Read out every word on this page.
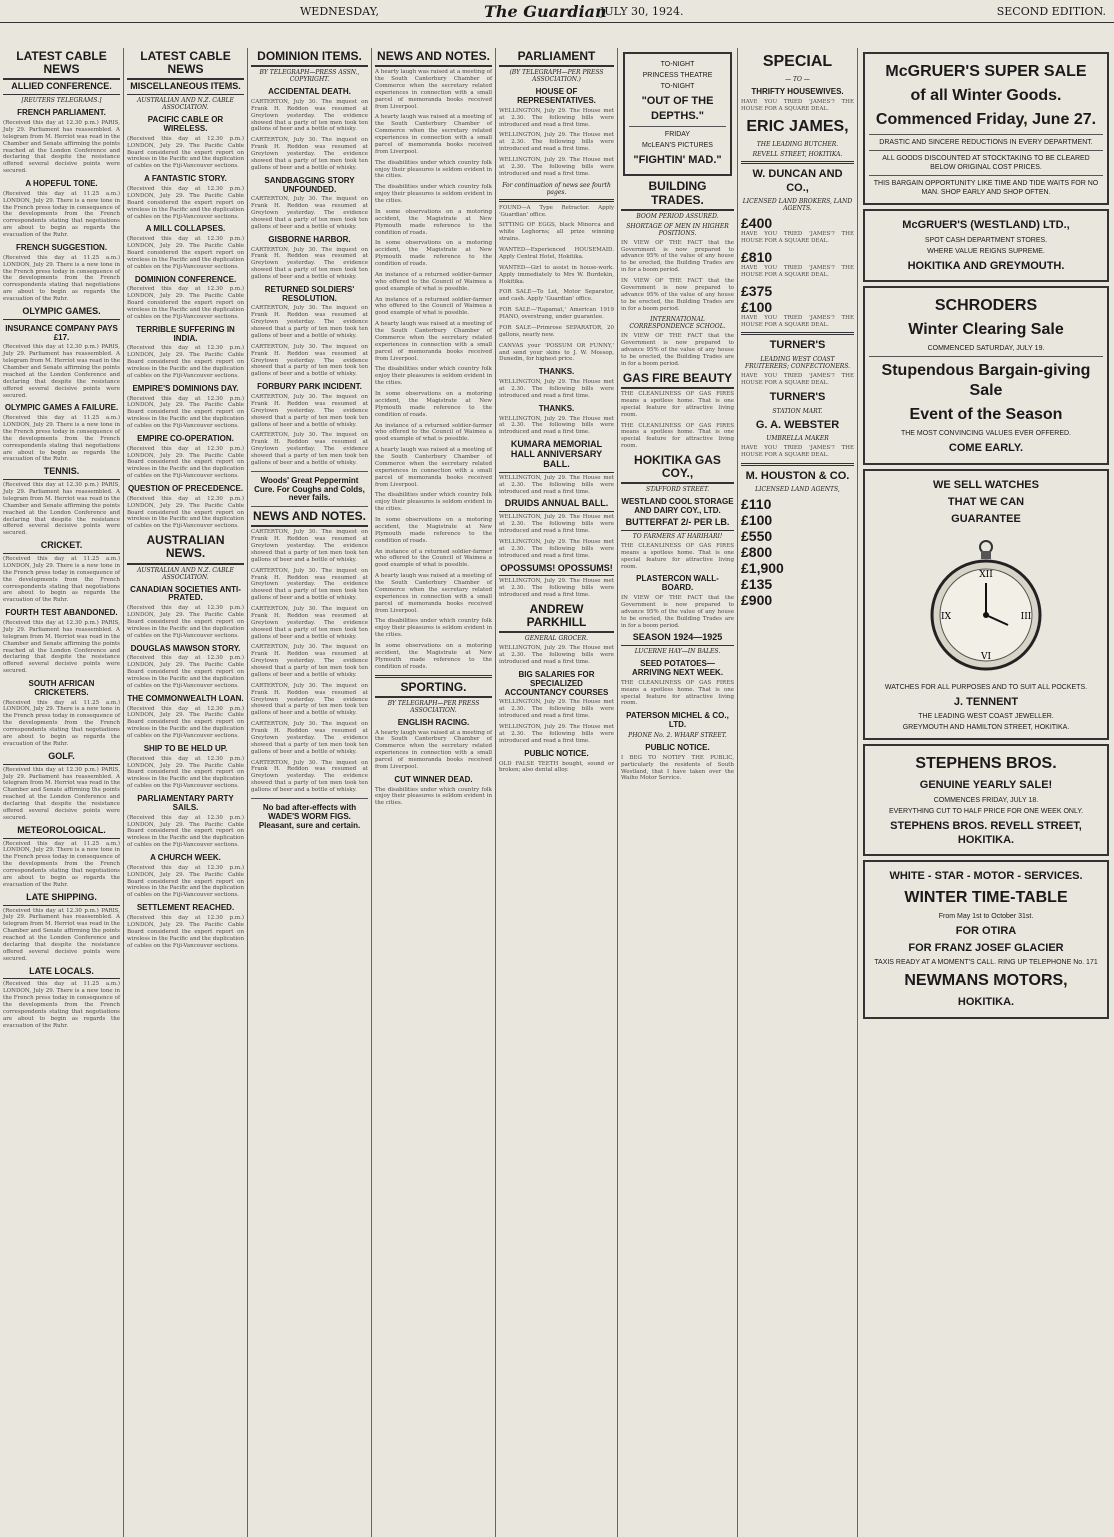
WEDNESDAY,	The Guardian
JULY 30, 1924.	SECOND EDITION.
LATEST CABLE NEWS
ALLIED CONFERENCE.
[REUTERS TELEGRAMS.]
FRENCH PARLIAMENT.

(Received this day at 12.30 p.m.) PARIS, July 29. Parliament has reassembled. A telegram from M. Herriot was read in the Chamber and Senate affirming the points reached at the London Conference and declaring that despite the resistance offered several decisive points were secured.

A HOPEFUL TONE.

(Received this day at 11.25 a.m.) LONDON, July 29. There is a new tone in the French press today in consequence of the developments from the French correspondents stating that negotiations are about to begin as regards the evacuation of the Ruhr.

FRENCH SUGGESTION.

(Received this day at 11.25 a.m.) LONDON, July 29. There is a new tone in the French press today in consequence of the developments from the French correspondents stating that negotiations are about to begin as regards the evacuation of the Ruhr.

OLYMPIC GAMES.
INSURANCE COMPANY PAYS £17.

(Received this day at 12.30 p.m.) PARIS, July 29. Parliament has reassembled. A telegram from M. Herriot was read in the Chamber and Senate affirming the points reached at the London Conference and declaring that despite the resistance offered several decisive points were secured.

OLYMPIC GAMES A FAILURE.

(Received this day at 11.25 a.m.) LONDON, July 29. There is a new tone in the French press today in consequence of the developments from the French correspondents stating that negotiations are about to begin as regards the evacuation of the Ruhr.

TENNIS.

(Received this day at 12.30 p.m.) PARIS, July 29. Parliament has reassembled. A telegram from M. Herriot was read in the Chamber and Senate affirming the points reached at the London Conference and declaring that despite the resistance offered several decisive points were secured.

CRICKET.

(Received this day at 11.25 a.m.) LONDON, July 29. There is a new tone in the French press today in consequence of the developments from the French correspondents stating that negotiations are about to begin as regards the evacuation of the Ruhr.

FOURTH TEST ABANDONED.

(Received this day at 12.30 p.m.) PARIS, July 29. Parliament has reassembled. A telegram from M. Herriot was read in the Chamber and Senate affirming the points reached at the London Conference and declaring that despite the resistance offered several decisive points were secured.

SOUTH AFRICAN CRICKETERS.

(Received this day at 11.25 a.m.) LONDON, July 29. There is a new tone in the French press today in consequence of the developments from the French correspondents stating that negotiations are about to begin as regards the evacuation of the Ruhr.

GOLF.

(Received this day at 12.30 p.m.) PARIS, July 29. Parliament has reassembled. A telegram from M. Herriot was read in the Chamber and Senate affirming the points reached at the London Conference and declaring that despite the resistance offered several decisive points were secured.

METEOROLOGICAL.

(Received this day at 11.25 a.m.) LONDON, July 29. There is a new tone in the French press today in consequence of the developments from the French correspondents stating that negotiations are about to begin as regards the evacuation of the Ruhr.

LATE SHIPPING.

(Received this day at 12.30 p.m.) PARIS, July 29. Parliament has reassembled. A telegram from M. Herriot was read in the Chamber and Senate affirming the points reached at the London Conference and declaring that despite the resistance offered several decisive points were secured.

LATE LOCALS.

(Received this day at 11.25 a.m.) LONDON, July 29. There is a new tone in the French press today in consequence of the developments from the French correspondents stating that negotiations are about to begin as regards the evacuation of the Ruhr.

LATEST CABLE NEWS
MISCELLANEOUS ITEMS.
AUSTRALIAN AND N.Z. CABLE ASSOCIATION.
PACIFIC CABLE OR WIRELESS.

(Received this day at 12.30 p.m.) LONDON, July 29. The Pacific Cable Board considered the expert report on wireless in the Pacific and the duplication of cables on the Fiji-Vancouver sections.

A FANTASTIC STORY.

(Received this day at 12.30 p.m.) LONDON, July 29. The Pacific Cable Board considered the expert report on wireless in the Pacific and the duplication of cables on the Fiji-Vancouver sections.

A MILL COLLAPSES.

(Received this day at 12.30 p.m.) LONDON, July 29. The Pacific Cable Board considered the expert report on wireless in the Pacific and the duplication of cables on the Fiji-Vancouver sections.

DOMINION CONFERENCE.

(Received this day at 12.30 p.m.) LONDON, July 29. The Pacific Cable Board considered the expert report on wireless in the Pacific and the duplication of cables on the Fiji-Vancouver sections.

TERRIBLE SUFFERING IN INDIA.

(Received this day at 12.30 p.m.) LONDON, July 29. The Pacific Cable Board considered the expert report on wireless in the Pacific and the duplication of cables on the Fiji-Vancouver sections.

EMPIRE'S DOMINIONS DAY.

(Received this day at 12.30 p.m.) LONDON, July 29. The Pacific Cable Board considered the expert report on wireless in the Pacific and the duplication of cables on the Fiji-Vancouver sections.

EMPIRE CO-OPERATION.

(Received this day at 12.30 p.m.) LONDON, July 29. The Pacific Cable Board considered the expert report on wireless in the Pacific and the duplication of cables on the Fiji-Vancouver sections.

QUESTION OF PRECEDENCE.

(Received this day at 12.30 p.m.) LONDON, July 29. The Pacific Cable Board considered the expert report on wireless in the Pacific and the duplication of cables on the Fiji-Vancouver sections.

AUSTRALIAN NEWS.
AUSTRALIAN AND N.Z. CABLE ASSOCIATION.
CANADIAN SOCIETIES ANTI-PRATED.

(Received this day at 12.30 p.m.) LONDON, July 29. The Pacific Cable Board considered the expert report on wireless in the Pacific and the duplication of cables on the Fiji-Vancouver sections.

DOUGLAS MAWSON STORY.

(Received this day at 12.30 p.m.) LONDON, July 29. The Pacific Cable Board considered the expert report on wireless in the Pacific and the duplication of cables on the Fiji-Vancouver sections.

THE COMMONWEALTH LOAN.

(Received this day at 12.30 p.m.) LONDON, July 29. The Pacific Cable Board considered the expert report on wireless in the Pacific and the duplication of cables on the Fiji-Vancouver sections.

SHIP TO BE HELD UP.

(Received this day at 12.30 p.m.) LONDON, July 29. The Pacific Cable Board considered the expert report on wireless in the Pacific and the duplication of cables on the Fiji-Vancouver sections.

PARLIAMENTARY PARTY SAILS.

(Received this day at 12.30 p.m.) LONDON, July 29. The Pacific Cable Board considered the expert report on wireless in the Pacific and the duplication of cables on the Fiji-Vancouver sections.

A CHURCH WEEK.

(Received this day at 12.30 p.m.) LONDON, July 29. The Pacific Cable Board considered the expert report on wireless in the Pacific and the duplication of cables on the Fiji-Vancouver sections.

SETTLEMENT REACHED.

(Received this day at 12.30 p.m.) LONDON, July 29. The Pacific Cable Board considered the expert report on wireless in the Pacific and the duplication of cables on the Fiji-Vancouver sections.

DOMINION ITEMS.
BY TELEGRAPH—PRESS ASSN., COPYRIGHT.
ACCIDENTAL DEATH.

CARTERTON, July 30. The inquest on Frank H. Reddon was resumed at Greytown yesterday. The evidence showed that a party of ten men took ten gallons of beer and a bottle of whisky.

CARTERTON, July 30. The inquest on Frank H. Reddon was resumed at Greytown yesterday. The evidence showed that a party of ten men took ten gallons of beer and a bottle of whisky.

SANDBAGGING STORY UNFOUNDED.

CARTERTON, July 30. The inquest on Frank H. Reddon was resumed at Greytown yesterday. The evidence showed that a party of ten men took ten gallons of beer and a bottle of whisky.

GISBORNE HARBOR.

CARTERTON, July 30. The inquest on Frank H. Reddon was resumed at Greytown yesterday. The evidence showed that a party of ten men took ten gallons of beer and a bottle of whisky.

RETURNED SOLDIERS' RESOLUTION.

CARTERTON, July 30. The inquest on Frank H. Reddon was resumed at Greytown yesterday. The evidence showed that a party of ten men took ten gallons of beer and a bottle of whisky.

CARTERTON, July 30. The inquest on Frank H. Reddon was resumed at Greytown yesterday. The evidence showed that a party of ten men took ten gallons of beer and a bottle of whisky.

FORBURY PARK INCIDENT.

CARTERTON, July 30. The inquest on Frank H. Reddon was resumed at Greytown yesterday. The evidence showed that a party of ten men took ten gallons of beer and a bottle of whisky.

CARTERTON, July 30. The inquest on Frank H. Reddon was resumed at Greytown yesterday. The evidence showed that a party of ten men took ten gallons of beer and a bottle of whisky.

Woods' Great Peppermint Cure. For Coughs and Colds, never fails.
NEWS AND NOTES.

CARTERTON, July 30. The inquest on Frank H. Reddon was resumed at Greytown yesterday. The evidence showed that a party of ten men took ten gallons of beer and a bottle of whisky.

CARTERTON, July 30. The inquest on Frank H. Reddon was resumed at Greytown yesterday. The evidence showed that a party of ten men took ten gallons of beer and a bottle of whisky.

CARTERTON, July 30. The inquest on Frank H. Reddon was resumed at Greytown yesterday. The evidence showed that a party of ten men took ten gallons of beer and a bottle of whisky.

CARTERTON, July 30. The inquest on Frank H. Reddon was resumed at Greytown yesterday. The evidence showed that a party of ten men took ten gallons of beer and a bottle of whisky.

CARTERTON, July 30. The inquest on Frank H. Reddon was resumed at Greytown yesterday. The evidence showed that a party of ten men took ten gallons of beer and a bottle of whisky.

CARTERTON, July 30. The inquest on Frank H. Reddon was resumed at Greytown yesterday. The evidence showed that a party of ten men took ten gallons of beer and a bottle of whisky.

CARTERTON, July 30. The inquest on Frank H. Reddon was resumed at Greytown yesterday. The evidence showed that a party of ten men took ten gallons of beer and a bottle of whisky.

No bad after-effects with WADE'S WORM FIGS. Pleasant, sure and certain.
NEWS AND NOTES.

A hearty laugh was raised at a meeting of the South Canterbury Chamber of Commerce when the secretary related experiences in connection with a small parcel of memoranda books received from Liverpool.

A hearty laugh was raised at a meeting of the South Canterbury Chamber of Commerce when the secretary related experiences in connection with a small parcel of memoranda books received from Liverpool.

The disabilities under which country folk enjoy their pleasures is seldom evident in the cities.

The disabilities under which country folk enjoy their pleasures is seldom evident in the cities.

In some observations on a motoring accident, the Magistrate at New Plymouth made reference to the condition of roads.

In some observations on a motoring accident, the Magistrate at New Plymouth made reference to the condition of roads.

An instance of a returned soldier-farmer who offered to the Council of Waimea a good example of what is possible.

An instance of a returned soldier-farmer who offered to the Council of Waimea a good example of what is possible.

A hearty laugh was raised at a meeting of the South Canterbury Chamber of Commerce when the secretary related experiences in connection with a small parcel of memoranda books received from Liverpool.

The disabilities under which country folk enjoy their pleasures is seldom evident in the cities.

In some observations on a motoring accident, the Magistrate at New Plymouth made reference to the condition of roads.

An instance of a returned soldier-farmer who offered to the Council of Waimea a good example of what is possible.

A hearty laugh was raised at a meeting of the South Canterbury Chamber of Commerce when the secretary related experiences in connection with a small parcel of memoranda books received from Liverpool.

The disabilities under which country folk enjoy their pleasures is seldom evident in the cities.

In some observations on a motoring accident, the Magistrate at New Plymouth made reference to the condition of roads.

An instance of a returned soldier-farmer who offered to the Council of Waimea a good example of what is possible.

A hearty laugh was raised at a meeting of the South Canterbury Chamber of Commerce when the secretary related experiences in connection with a small parcel of memoranda books received from Liverpool.

The disabilities under which country folk enjoy their pleasures is seldom evident in the cities.

In some observations on a motoring accident, the Magistrate at New Plymouth made reference to the condition of roads.

SPORTING.
BY TELEGRAPH—PER PRESS ASSOCIATION.
ENGLISH RACING.

A hearty laugh was raised at a meeting of the South Canterbury Chamber of Commerce when the secretary related experiences in connection with a small parcel of memoranda books received from Liverpool.

CUT WINNER DEAD.

The disabilities under which country folk enjoy their pleasures is seldom evident in the cities.

PARLIAMENT
(BY TELEGRAPH—PER PRESS ASSOCIATION.)
HOUSE OF REPRESENTATIVES.

WELLINGTON, July 29. The House met at 2.30. The following bills were introduced and read a first time.

WELLINGTON, July 29. The House met at 2.30. The following bills were introduced and read a first time.

WELLINGTON, July 29. The House met at 2.30. The following bills were introduced and read a first time.

For continuation of news see fourth pages.

FOUND—A Type Retractor. Apply 'Guardian' office.

SITTING OF EGGS, black Minorca and white Leghorns; all prize winning strains.

WANTED—Experienced HOUSEMAID. Apply Central Hotel, Hokitika.

WANTED—Girl to assist in house-work. Apply immediately to Mrs W. Burdekin, Hokitika.

FOR SALE—To Let, Motor Separator, and cash. Apply 'Guardian' office.

FOR SALE—'Rapamat,' American 1919 PIANO, overstrung, under guarantee.

FOR SALE—Primrose SEPARATOR, 20 gallons, nearly new.

CANVAS your 'POSSUM OR FUNNY,' and send your skins to J. W. Mossop, Dunedin, for highest price.

THANKS.

WELLINGTON, July 29. The House met at 2.30. The following bills were introduced and read a first time.

THANKS.

WELLINGTON, July 29. The House met at 2.30. The following bills were introduced and read a first time.

KUMARA MEMORIAL HALL ANNIVERSARY BALL.

WELLINGTON, July 29. The House met at 2.30. The following bills were introduced and read a first time.

DRUIDS ANNUAL BALL.

WELLINGTON, July 29. The House met at 2.30. The following bills were introduced and read a first time.

WELLINGTON, July 29. The House met at 2.30. The following bills were introduced and read a first time.

OPOSSUMS! OPOSSUMS!

WELLINGTON, July 29. The House met at 2.30. The following bills were introduced and read a first time.

ANDREW PARKHILL
GENERAL GROCER.

WELLINGTON, July 29. The House met at 2.30. The following bills were introduced and read a first time.

BIG SALARIES FOR SPECIALIZED ACCOUNTANCY COURSES

WELLINGTON, July 29. The House met at 2.30. The following bills were introduced and read a first time.

WELLINGTON, July 29. The House met at 2.30. The following bills were introduced and read a first time.

PUBLIC NOTICE.

OLD FALSE TEETH bought, sound or broken; also dental alloy.

TO-NIGHT
PRINCESS THEATRE
TO-NIGHT
"OUT OF THE DEPTHS."
FRIDAY
McLEAN'S PICTURES
"FIGHTIN' MAD."
BUILDING TRADES.
BOOM PERIOD ASSURED.
SHORTAGE OF MEN IN HIGHER POSITIONS.

IN VIEW OF THE FACT that the Government is now prepared to advance 95% of the value of any house to be erected, the Building Trades are in for a boom period.

IN VIEW OF THE FACT that the Government is now prepared to advance 95% of the value of any house to be erected, the Building Trades are in for a boom period.

INTERNATIONAL CORRESPONDENCE SCHOOL.

IN VIEW OF THE FACT that the Government is now prepared to advance 95% of the value of any house to be erected, the Building Trades are in for a boom period.

GAS FIRE BEAUTY

THE CLEANLINESS OF GAS FIRES means a spotless home. That is one special feature for attractive living room.

THE CLEANLINESS OF GAS FIRES means a spotless home. That is one special feature for attractive living room.

HOKITIKA GAS COY.,
STAFFORD STREET.
WESTLAND COOL STORAGE AND DAIRY COY., LTD.
BUTTERFAT 2/- PER LB.
TO FARMERS AT HARIHARI!

THE CLEANLINESS OF GAS FIRES means a spotless home. That is one special feature for attractive living room.

PLASTERCON WALL-BOARD.

IN VIEW OF THE FACT that the Government is now prepared to advance 95% of the value of any house to be erected, the Building Trades are in for a boom period.

SEASON 1924—1925
LUCERNE HAY—IN BALES.
SEED POTATOES—ARRIVING NEXT WEEK.

THE CLEANLINESS OF GAS FIRES means a spotless home. That is one special feature for attractive living room.

PATERSON MICHEL & CO., LTD.
PHONE No. 2. WHARF STREET.
PUBLIC NOTICE.

I BEG TO NOTIFY THE PUBLIC, particularly the residents of South Westland, that I have taken over the Waiho Motor Service.

SPECIAL
— TO —
THRIFTY HOUSEWIVES.

HAVE YOU TRIED 'JAMES'? THE HOUSE FOR A SQUARE DEAL.

ERIC JAMES,
THE LEADING BUTCHER.
REVELL STREET, HOKITIKA.
W. DUNCAN AND CO.,
LICENSED LAND BROKERS, LAND AGENTS.
£400

HAVE YOU TRIED 'JAMES'? THE HOUSE FOR A SQUARE DEAL.

£810

HAVE YOU TRIED 'JAMES'? THE HOUSE FOR A SQUARE DEAL.

£375
£100

HAVE YOU TRIED 'JAMES'? THE HOUSE FOR A SQUARE DEAL.

TURNER'S
LEADING WEST COAST FRUITERERS; CONFECTIONERS.

HAVE YOU TRIED 'JAMES'? THE HOUSE FOR A SQUARE DEAL.

TURNER'S
STATION MART.
G. A. WEBSTER
UMBRELLA MAKER

HAVE YOU TRIED 'JAMES'? THE HOUSE FOR A SQUARE DEAL.

M. HOUSTON & CO.
LICENSED LAND AGENTS,
£110
£100
£550
£800
£1,900
£135
£900
McGRUER'S SUPER SALE
of all Winter Goods.
Commenced Friday, June 27.
DRASTIC AND SINCERE REDUCTIONS IN EVERY DEPARTMENT.
ALL GOODS DISCOUNTED AT STOCKTAKING TO BE CLEARED BELOW ORIGINAL COST PRICES.
THIS BARGAIN OPPORTUNITY LIKE TIME AND TIDE WAITS FOR NO MAN. SHOP EARLY AND SHOP OFTEN.
McGRUER'S (WESTLAND) LTD.,
SPOT CASH DEPARTMENT STORES.
WHERE VALUE REIGNS SUPREME.
HOKITIKA AND GREYMOUTH.
SCHRODERS
Winter Clearing Sale
COMMENCED SATURDAY, JULY 19.
Stupendous Bargain-giving Sale
Event of the Season
THE MOST CONVINCING VALUES EVER OFFERED.
COME EARLY.
WE SELL WATCHES
THAT WE CAN
GUARANTEE
XII
III
VI
IX
WATCHES FOR ALL PURPOSES AND TO SUIT ALL POCKETS.
J. TENNENT
THE LEADING WEST COAST JEWELLER.
GREYMOUTH AND HAMILTON STREET, HOKITIKA.
STEPHENS BROS.
GENUINE YEARLY SALE!
COMMENCES FRIDAY, JULY 18.
EVERYTHING CUT TO HALF PRICE FOR ONE WEEK ONLY.
STEPHENS BROS. REVELL STREET, HOKITIKA.
WHITE - STAR - MOTOR - SERVICES.
WINTER TIME-TABLE
From May 1st to October 31st.
FOR OTIRA
FOR FRANZ JOSEF GLACIER
TAXIS READY AT A MOMENT'S CALL. RING UP TELEPHONE No. 171
NEWMANS MOTORS,
HOKITIKA.
